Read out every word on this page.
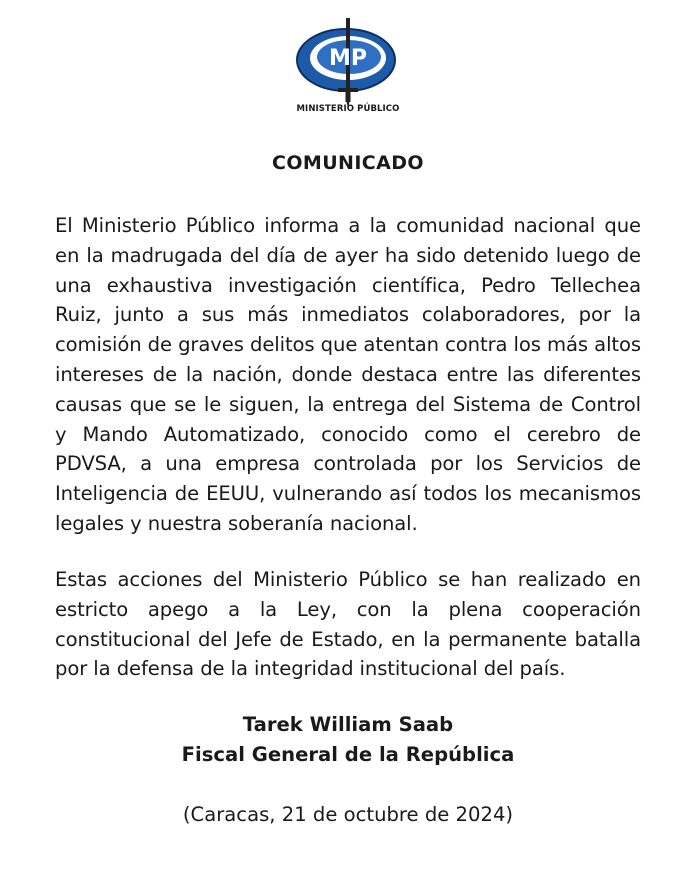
MP
MINISTERIO PÚBLICO
COMUNICADO

El Ministerio Público informa a la comunidad nacional que en la madrugada del día de ayer ha sido detenido luego de una exhaustiva investigación científica, Pedro Tellechea Ruiz, junto a sus más inmediatos colaboradores, por la comisión de graves delitos que atentan contra los más altos intereses de la nación, donde destaca entre las diferentes causas que se le siguen, la entrega del Sistema de Control y Mando Automatizado, conocido como el cerebro de PDVSA, a una empresa controlada por los Servicios de Inteligencia de EEUU, vulnerando así todos los mecanismos legales y nuestra soberanía nacional.

Estas acciones del Ministerio Público se han realizado en estricto apego a la Ley, con la plena cooperación constitucional del Jefe de Estado, en la permanente batalla por la defensa de la integridad institucional del país.

Tarek William Saab

Fiscal General de la República

(Caracas, 21 de octubre de 2024)
